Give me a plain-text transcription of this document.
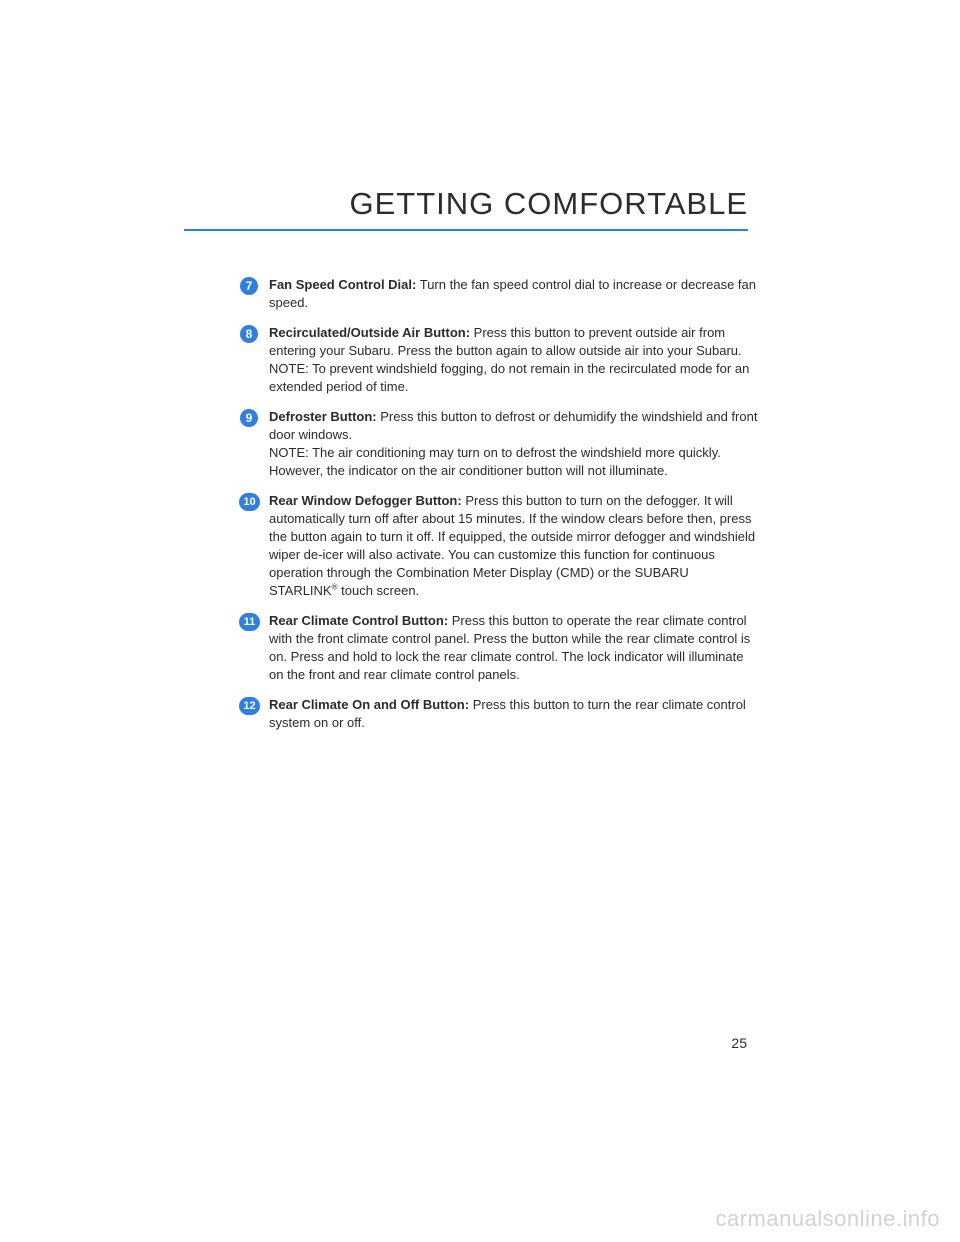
GETTING COMFORTABLE
7	Fan Speed Control Dial: Turn the fan speed control dial to increase or decrease fan speed.
8	Recirculated/Outside Air Button: Press this button to prevent outside air from entering your Subaru. Press the button again to allow outside air into your Subaru.
NOTE: To prevent windshield fogging, do not remain in the recirculated mode for an extended period of time.
9	Defroster Button: Press this button to defrost or dehumidify the windshield and front door windows.
NOTE: The air conditioning may turn on to defrost the windshield more quickly. However, the indicator on the air conditioner button will not illuminate.
10	Rear Window Defogger Button: Press this button to turn on the defogger. It will automatically turn off after about 15 minutes. If the window clears before then, press the button again to turn it off. If equipped, the outside mirror defogger and windshield wiper de-icer will also activate. You can customize this function for continuous operation through the Combination Meter Display (CMD) or the SUBARU STARLINK® touch screen.
11	Rear Climate Control Button: Press this button to operate the rear climate control with the front climate control panel. Press the button while the rear climate control is on. Press and hold to lock the rear climate control. The lock indicator will illuminate on the front and rear climate control panels.
12	Rear Climate On and Off Button: Press this button to turn the rear climate control system on or off.
25
carmanualsonline.info
